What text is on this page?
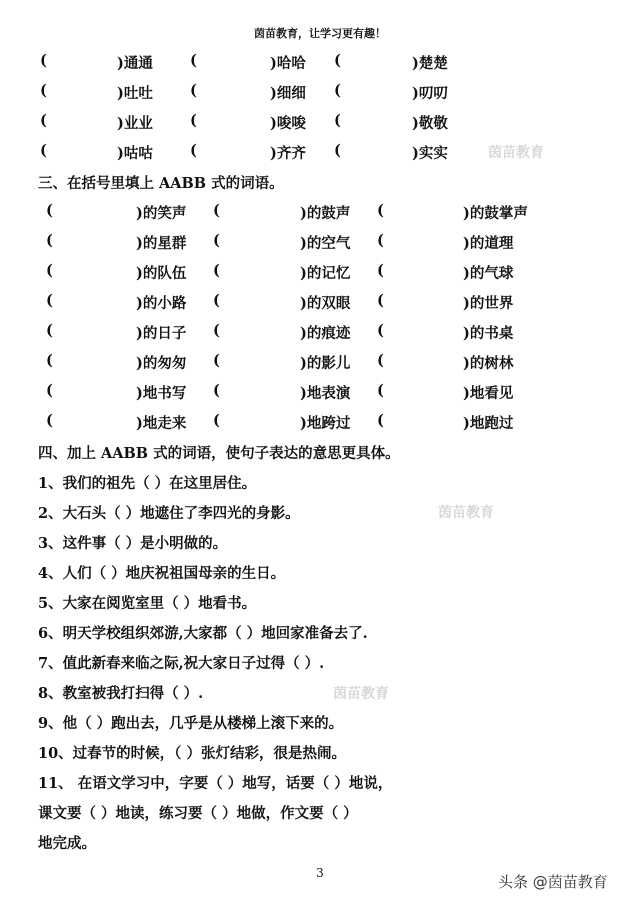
茵苗教育，让学习更有趣！
(	)通通	(	)哈哈 (	)楚楚
(	)吐吐	(	)细细 (	)叨叨
(	)业业	(	)唆唆 (	)敬敬
(	)咕咕	(	)齐齐 (	)实实
三、在括号里填上 AABB 式的词语。
(	)的笑声 (	)的鼓声 (	)的鼓掌声
(	)的星群 (	)的空气 (	)的道理
(	)的队伍 (	)的记忆 (	)的气球
(	)的小路 (	)的双眼 (	)的世界
(	)的日子 (	)的痕迹 (	)的书桌
(	)的匆匆 (	)的影儿 (	)的树林
(	)地书写 (	)地表演 (	)地看见
(	)地走来 (	)地跨过 (	)地跑过
四、加上 AABB 式的词语，使句子表达的意思更具体。
1、我们的祖先（ ）在这里居住。
2、大石头（ ）地遮住了李四光的身影。
3、这件事（ ）是小明做的。
4、人们（ ）地庆祝祖国母亲的生日。
5、大家在阅览室里（ ）地看书。
6、明天学校组织郊游,大家都（ ）地回家准备去了.
7、值此新春来临之际,祝大家日子过得（ ）.
8、教室被我打扫得（ ）.
9、他（ ）跑出去，几乎是从楼梯上滚下来的。
10、过春节的时候，（ ）张灯结彩，很是热闹。
11、 在语文学习中，字要（ ）地写，话要（ ）地说，
课文要（ ）地读，练习要（ ）地做，作文要（ ）
地完成。
茵苗教育
茵苗教育
茵苗教育
3	头条 @茵苗教育
